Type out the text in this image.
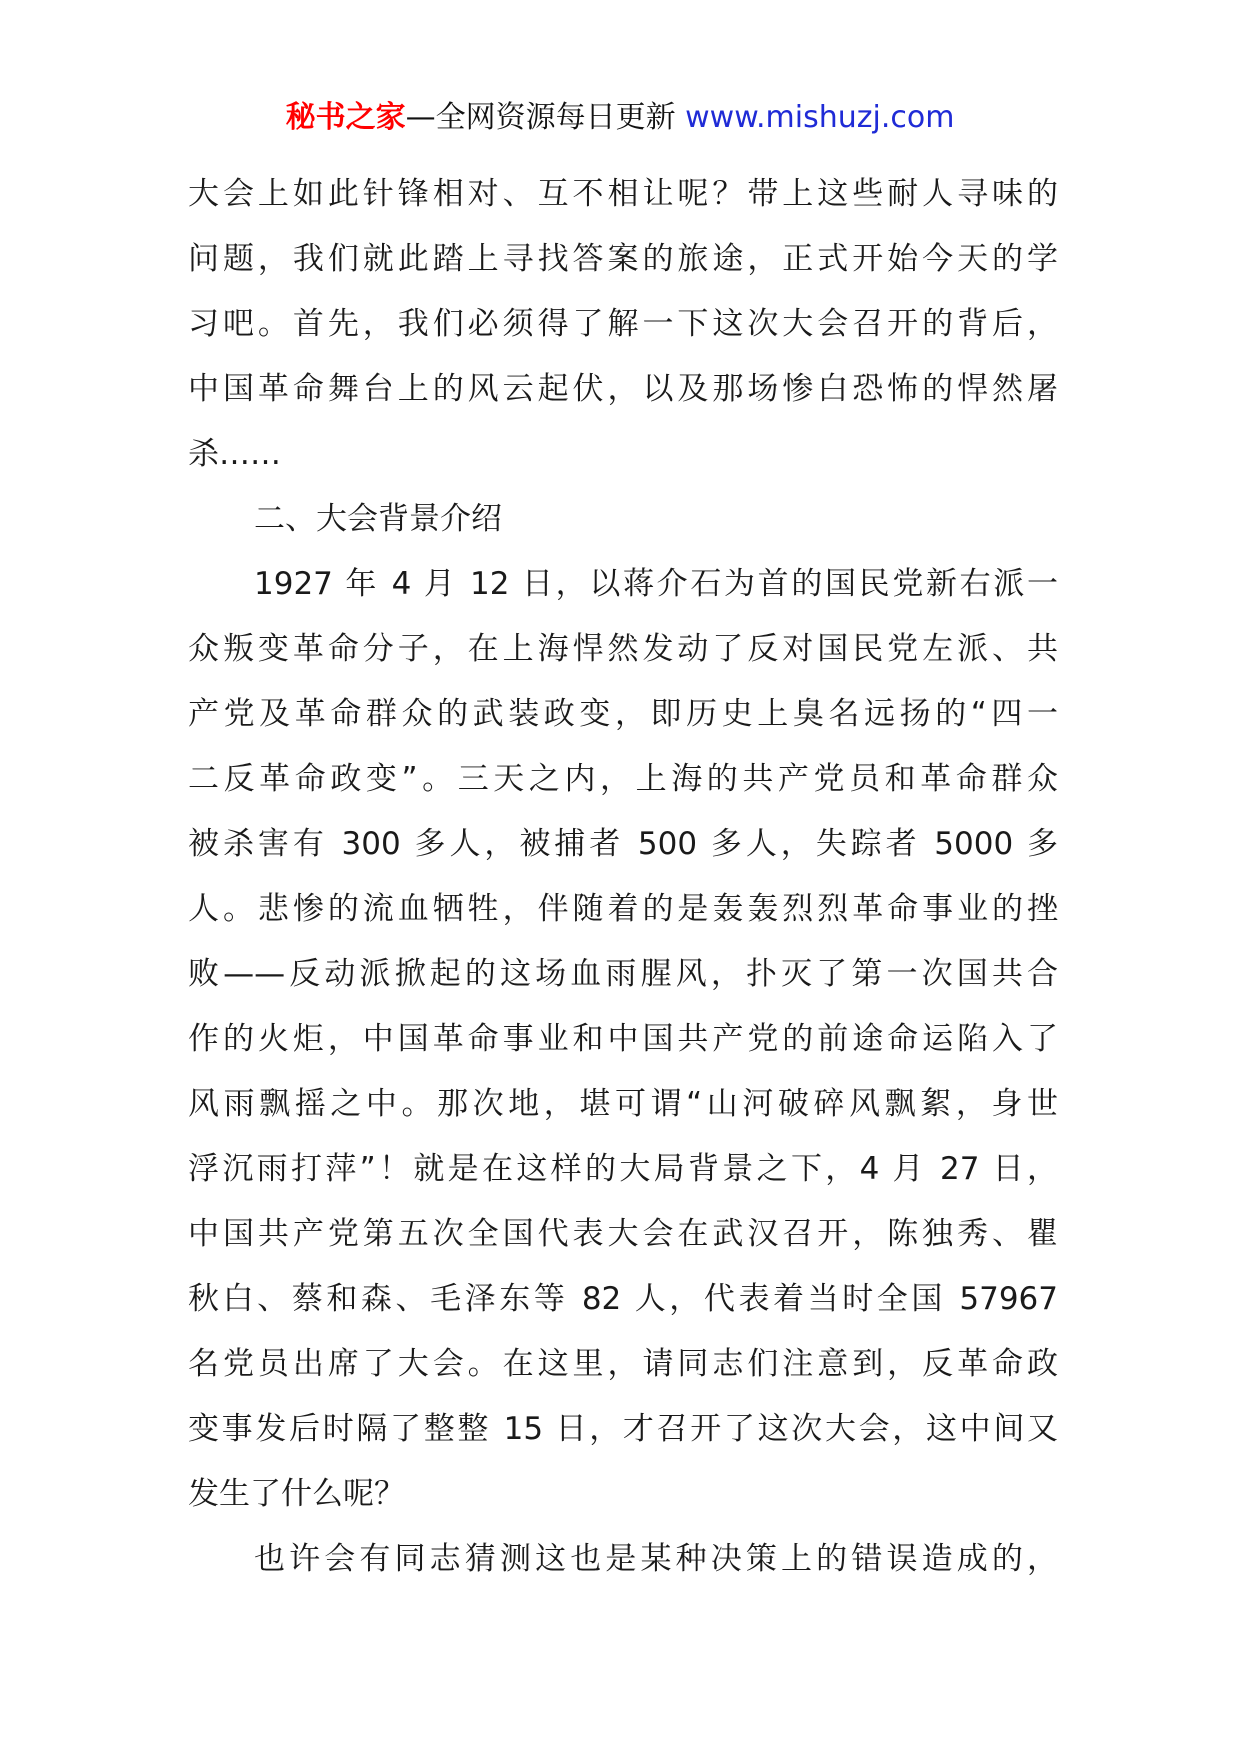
秘书之家—全网资源每日更新 www.mishuzj.com
大会上如此针锋相对、互不相让呢？带上这些耐人寻味的
问题，我们就此踏上寻找答案的旅途，正式开始今天的学
习吧。首先，我们必须得了解一下这次大会召开的背后，
中国革命舞台上的风云起伏，以及那场惨白恐怖的悍然屠
杀……
二、大会背景介绍
1927 年 4 月 12 日，以蒋介石为首的国民党新右派一
众叛变革命分子，在上海悍然发动了反对国民党左派、共
产党及革命群众的武装政变，即历史上臭名远扬的“四一
二反革命政变”。三天之内，上海的共产党员和革命群众
被杀害有 300 多人，被捕者 500 多人，失踪者 5000 多
人。悲惨的流血牺牲，伴随着的是轰轰烈烈革命事业的挫
败——反动派掀起的这场血雨腥风，扑灭了第一次国共合
作的火炬，中国革命事业和中国共产党的前途命运陷入了
风雨飘摇之中。那次地，堪可谓“山河破碎风飘絮，身世
浮沉雨打萍”！就是在这样的大局背景之下，4 月 27 日，
中国共产党第五次全国代表大会在武汉召开，陈独秀、瞿
秋白、蔡和森、毛泽东等 82 人，代表着当时全国 57967
名党员出席了大会。在这里，请同志们注意到，反革命政
变事发后时隔了整整 15 日，才召开了这次大会，这中间又
发生了什么呢？
也许会有同志猜测这也是某种决策上的错误造成的，
